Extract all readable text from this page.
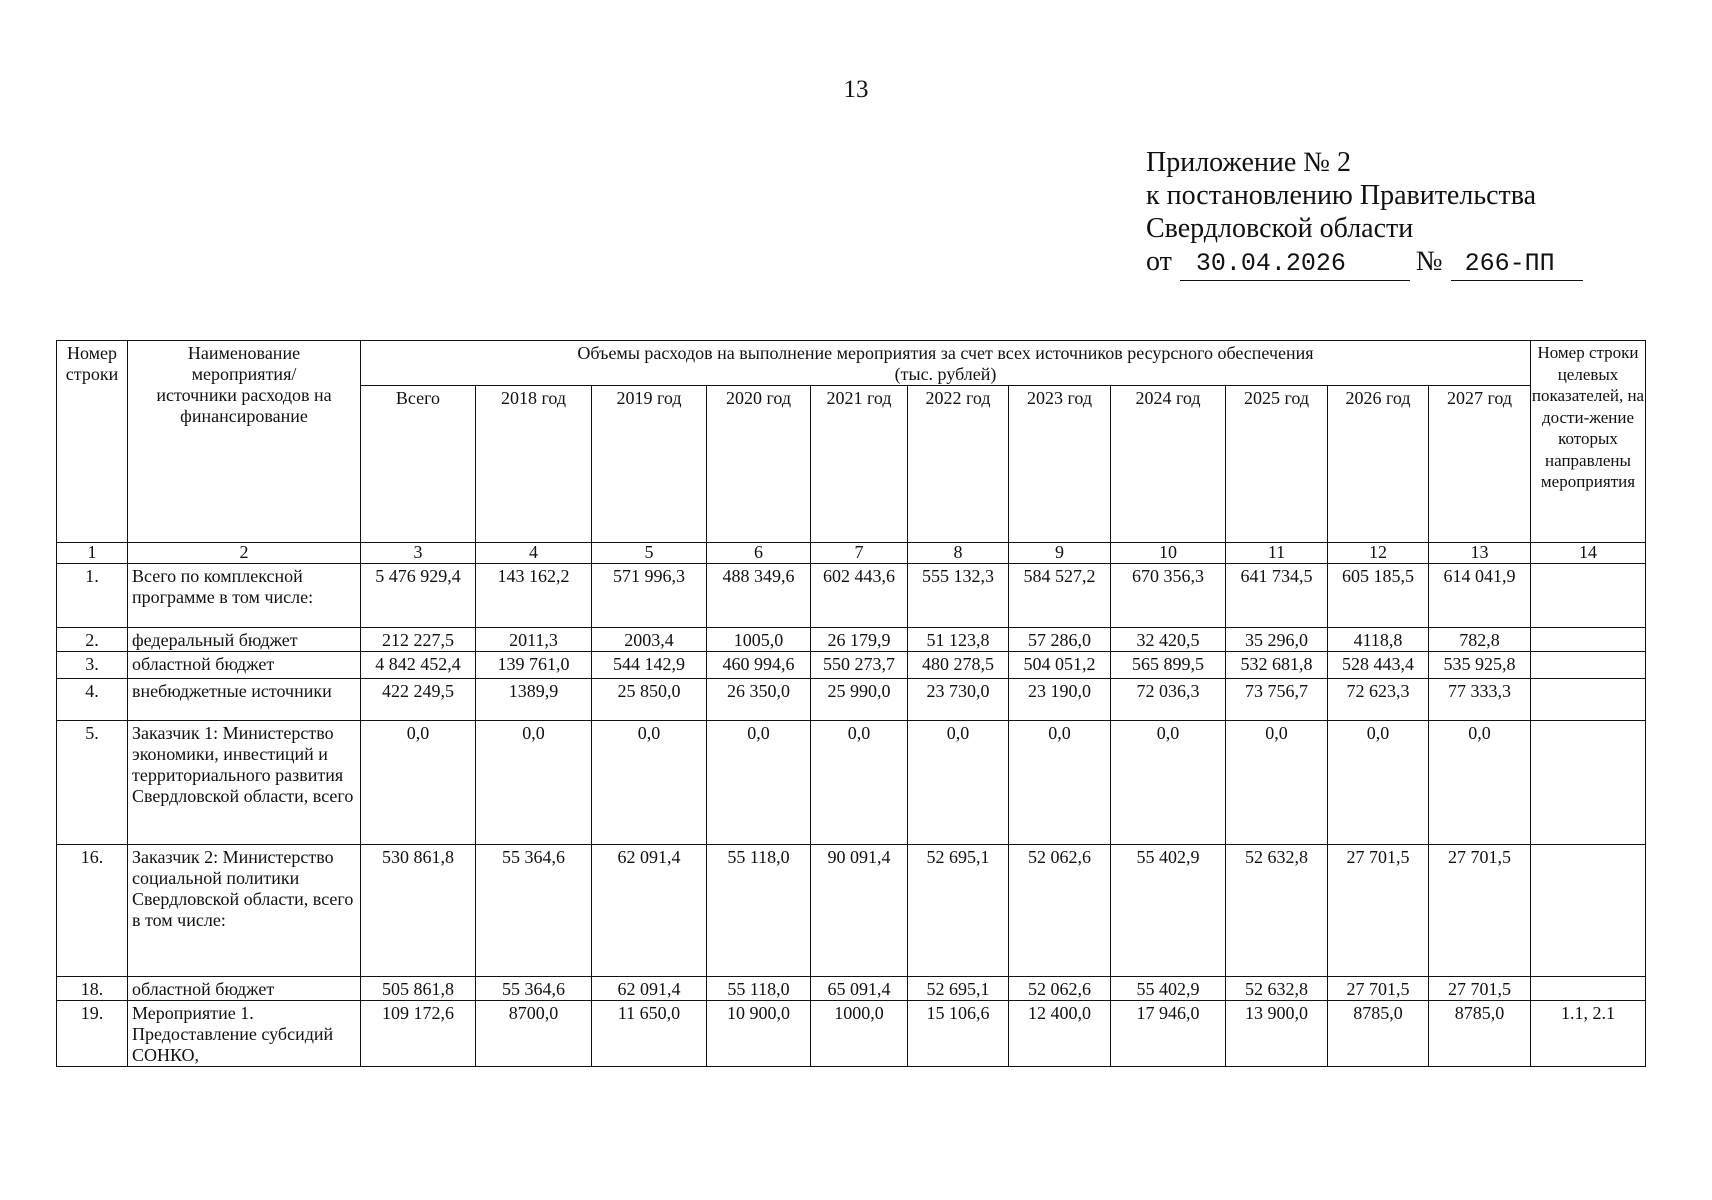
13
Приложение № 2
к постановлению Правительства
Свердловской области
от 30.04.2026 № 266-ПП
Номер строки	Наименование мероприятия/ источники расходов на финансирование	Объемы расходов на выполнение мероприятия за счет всех источников ресурсного обеспечения
(тыс. рублей)											Номер строки целевых показателей, на дости-жение которых направлены мероприятия
		Всего	2018 год	2019 год	2020 год	2021 год	2022 год	2023 год	2024 год	2025 год	2026 год	2027 год	
1	2	3	4	5	6	7	8	9	10	11	12	13	14
1.	Всего по комплексной программе в том числе:	5 476 929,4	143 162,2	571 996,3	488 349,6	602 443,6	555 132,3	584 527,2	670 356,3	641 734,5	605 185,5	614 041,9	
2.	федеральный бюджет	212 227,5	2011,3	2003,4	1005,0	26 179,9	51 123,8	57 286,0	32 420,5	35 296,0	4118,8	782,8	
3.	областной бюджет	4 842 452,4	139 761,0	544 142,9	460 994,6	550 273,7	480 278,5	504 051,2	565 899,5	532 681,8	528 443,4	535 925,8	
4.	внебюджетные источники	422 249,5	1389,9	25 850,0	26 350,0	25 990,0	23 730,0	23 190,0	72 036,3	73 756,7	72 623,3	77 333,3	
5.	Заказчик 1: Министерство экономики, инвестиций и территориального развития Свердловской области, всего	0,0	0,0	0,0	0,0	0,0	0,0	0,0	0,0	0,0	0,0	0,0	
16.	Заказчик 2: Министерство социальной политики Свердловской области, всего в том числе:	530 861,8	55 364,6	62 091,4	55 118,0	90 091,4	52 695,1	52 062,6	55 402,9	52 632,8	27 701,5	27 701,5	
18.	областной бюджет	505 861,8	55 364,6	62 091,4	55 118,0	65 091,4	52 695,1	52 062,6	55 402,9	52 632,8	27 701,5	27 701,5	
19.	Мероприятие 1. Предоставление субсидий СОНКО,	109 172,6	8700,0	11 650,0	10 900,0	1000,0	15 106,6	12 400,0	17 946,0	13 900,0	8785,0	8785,0	1.1, 2.1
